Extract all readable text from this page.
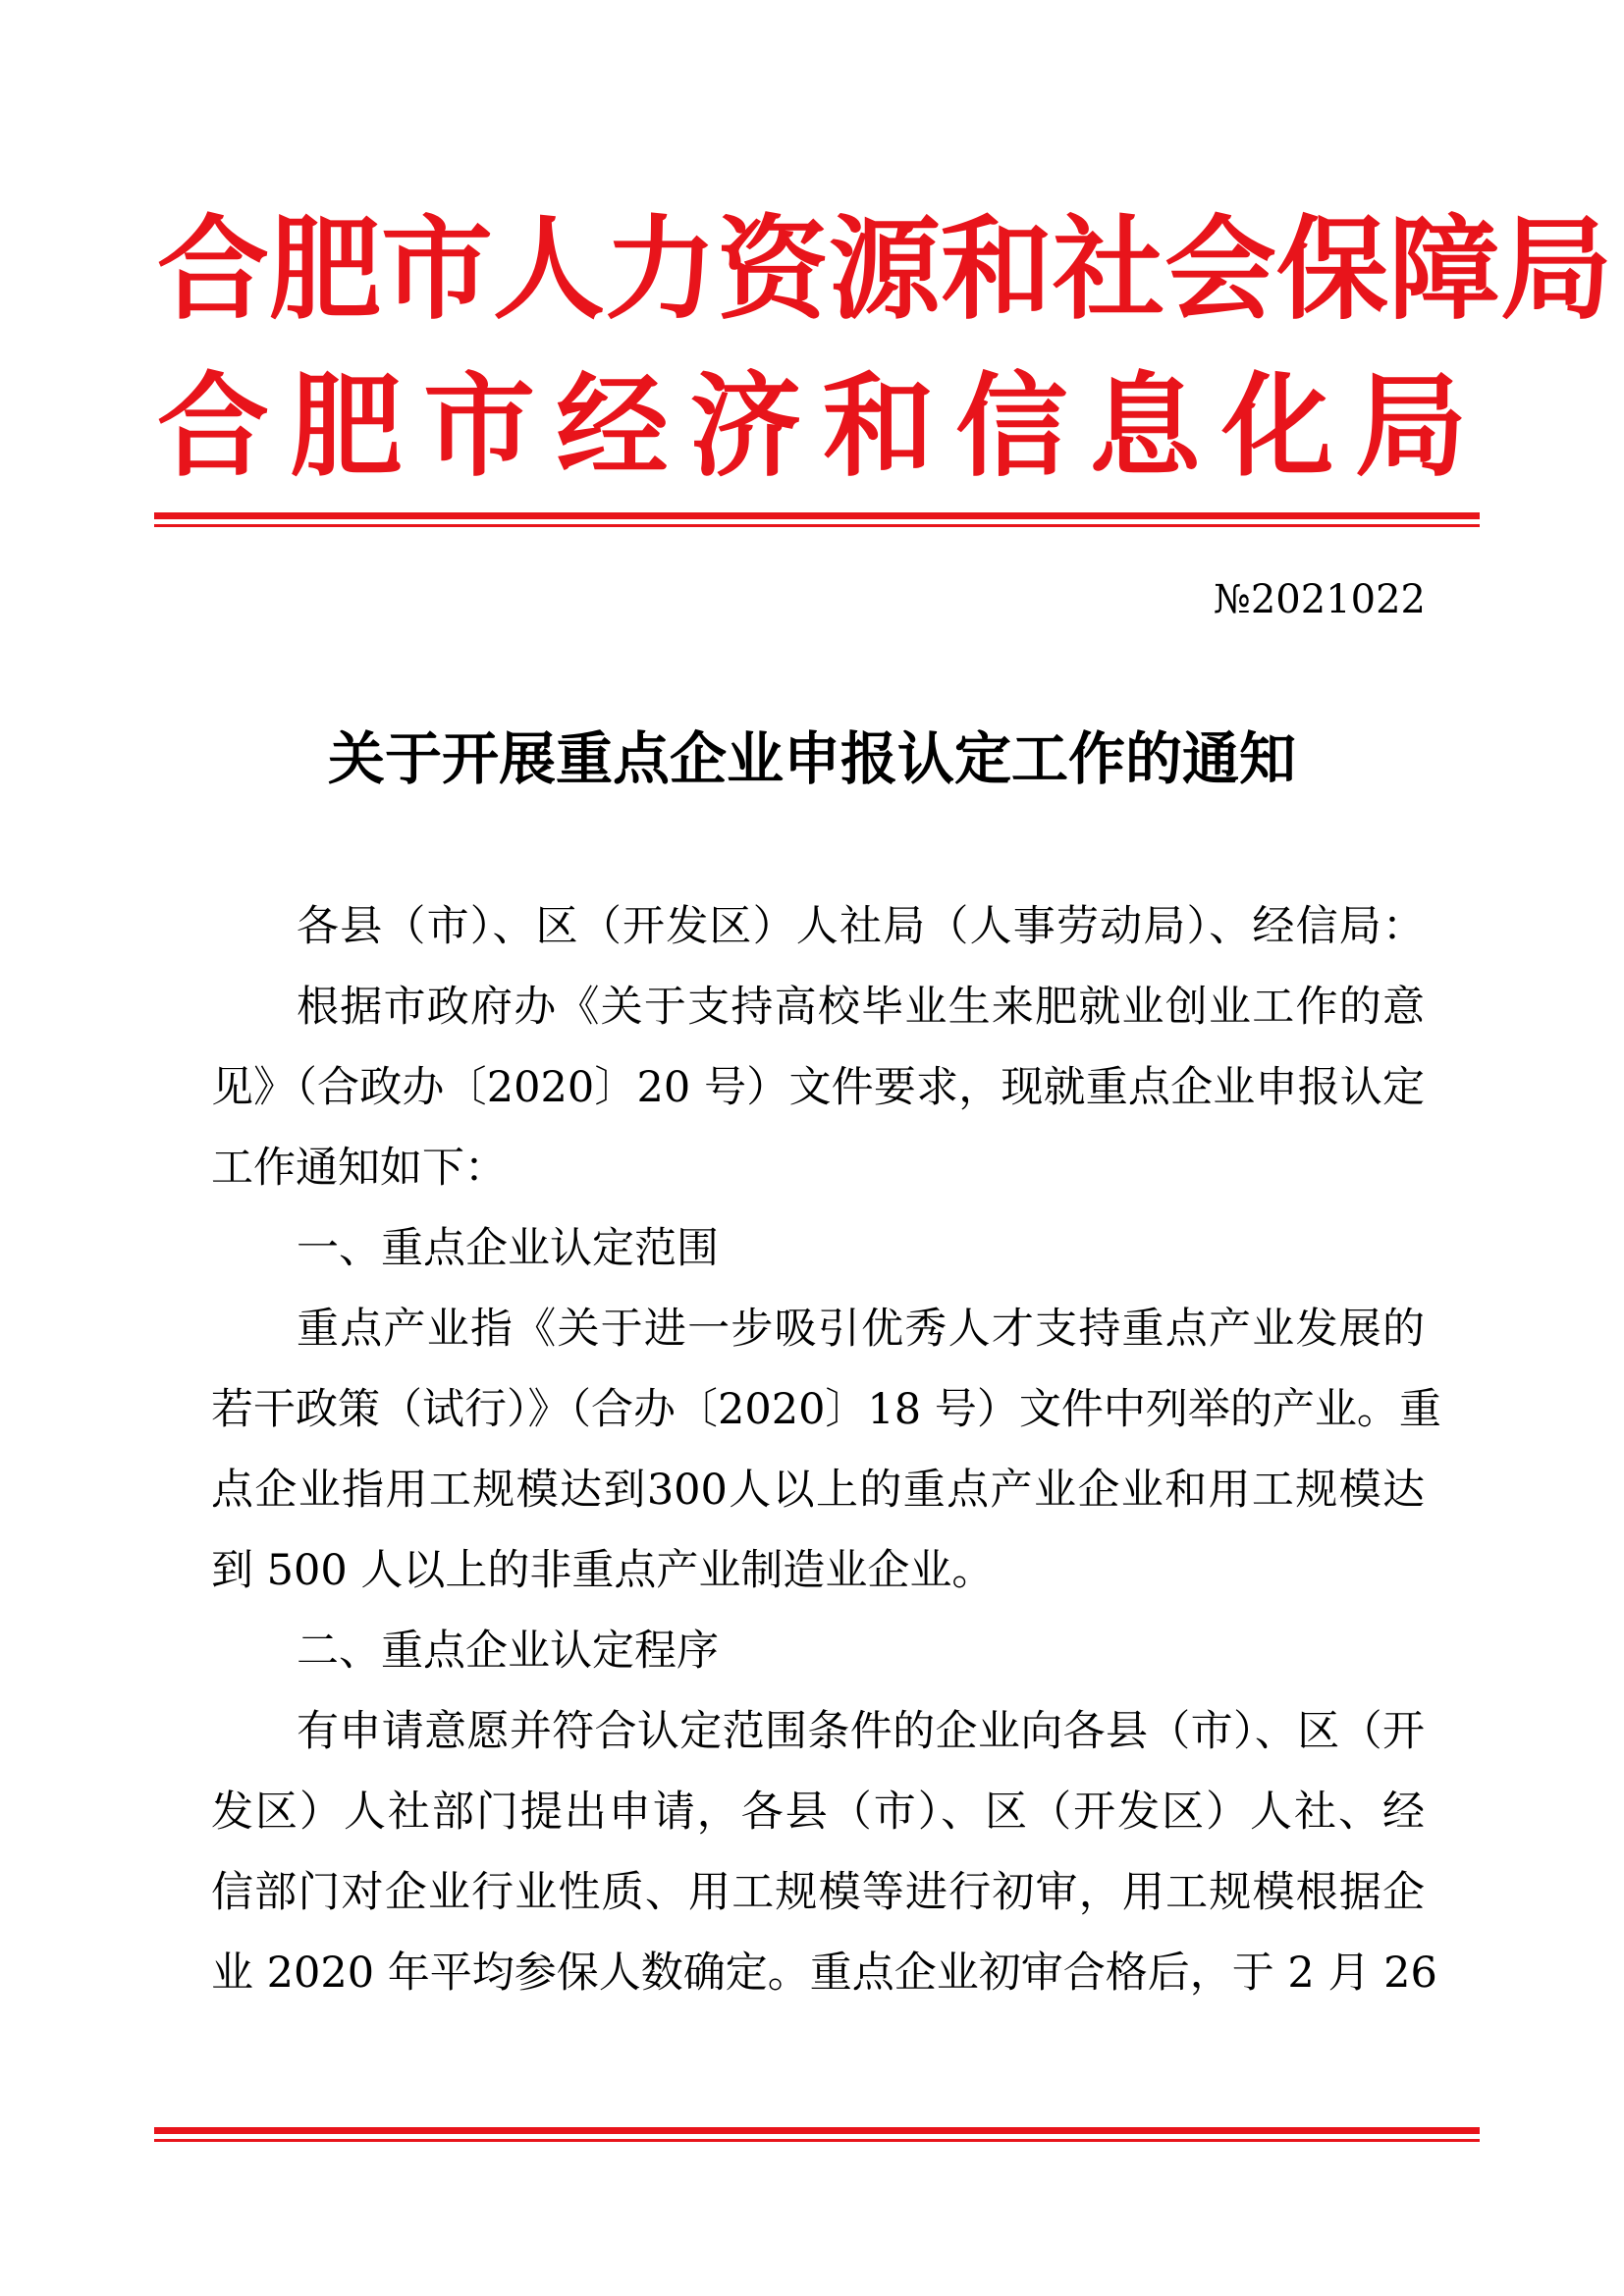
合肥市人力资源和社会保障局
合肥市经济和信息化局
№2021022
关于开展重点企业申报认定工作的通知
各县（市）、区（开发区）人社局（人事劳动局）、经信局：
根据市政府办《关于支持高校毕业生来肥就业创业工作的意
见》（合政办〔2020〕20 号）文件要求，现就重点企业申报认定
工作通知如下：
一、重点企业认定范围
重点产业指《关于进一步吸引优秀人才支持重点产业发展的
若干政策（试行）》（合办〔2020〕18 号）文件中列举的产业。重
点企业指用工规模达到300人以上的重点产业企业和用工规模达
到 500 人以上的非重点产业制造业企业。
二、重点企业认定程序
有申请意愿并符合认定范围条件的企业向各县（市）、区（开
发区）人社部门提出申请，各县（市）、区（开发区）人社、经
信部门对企业行业性质、用工规模等进行初审，用工规模根据企
业 2020 年平均参保人数确定。重点企业初审合格后，于 2 月 26
